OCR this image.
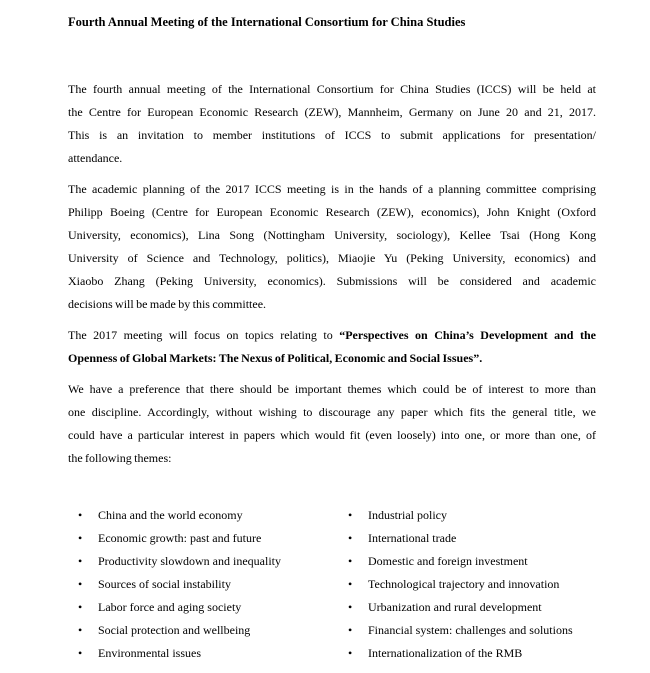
Fourth Annual Meeting of the International Consortium for China Studies

The fourth annual meeting of the International Consortium for China Studies (ICCS) will be held at
the Centre for European Economic Research (ZEW), Mannheim, Germany on June 20 and 21, 2017.
This is an invitation to member institutions of ICCS to submit applications for presentation/
attendance.

The academic planning of the 2017 ICCS meeting is in the hands of a planning committee comprising
Philipp Boeing (Centre for European Economic Research (ZEW), economics), John Knight (Oxford
University, economics), Lina Song (Nottingham University, sociology), Kellee Tsai (Hong Kong
University of Science and Technology, politics), Miaojie Yu (Peking University, economics) and
Xiaobo Zhang (Peking University, economics). Submissions will be considered and academic
decisions will be made by this committee.

The 2017 meeting will focus on topics relating to “Perspectives on China’s Development and the
Openness of Global Markets: The Nexus of Political, Economic and Social Issues”.

We have a preference that there should be important themes which could be of interest to more than
one discipline. Accordingly, without wishing to discourage any paper which fits the general title, we
could have a particular interest in papers which would fit (even loosely) into one, or more than one, of
the following themes:

•	China and the world economy
•	Economic growth: past and future
•	Productivity slowdown and inequality
•	Sources of social instability
•	Labor force and aging society
•	Social protection and wellbeing
•	Environmental issues
•	Industrial policy
•	International trade
•	Domestic and foreign investment
•	Technological trajectory and innovation
•	Urbanization and rural development
•	Financial system: challenges and solutions
•	Internationalization of the RMB
